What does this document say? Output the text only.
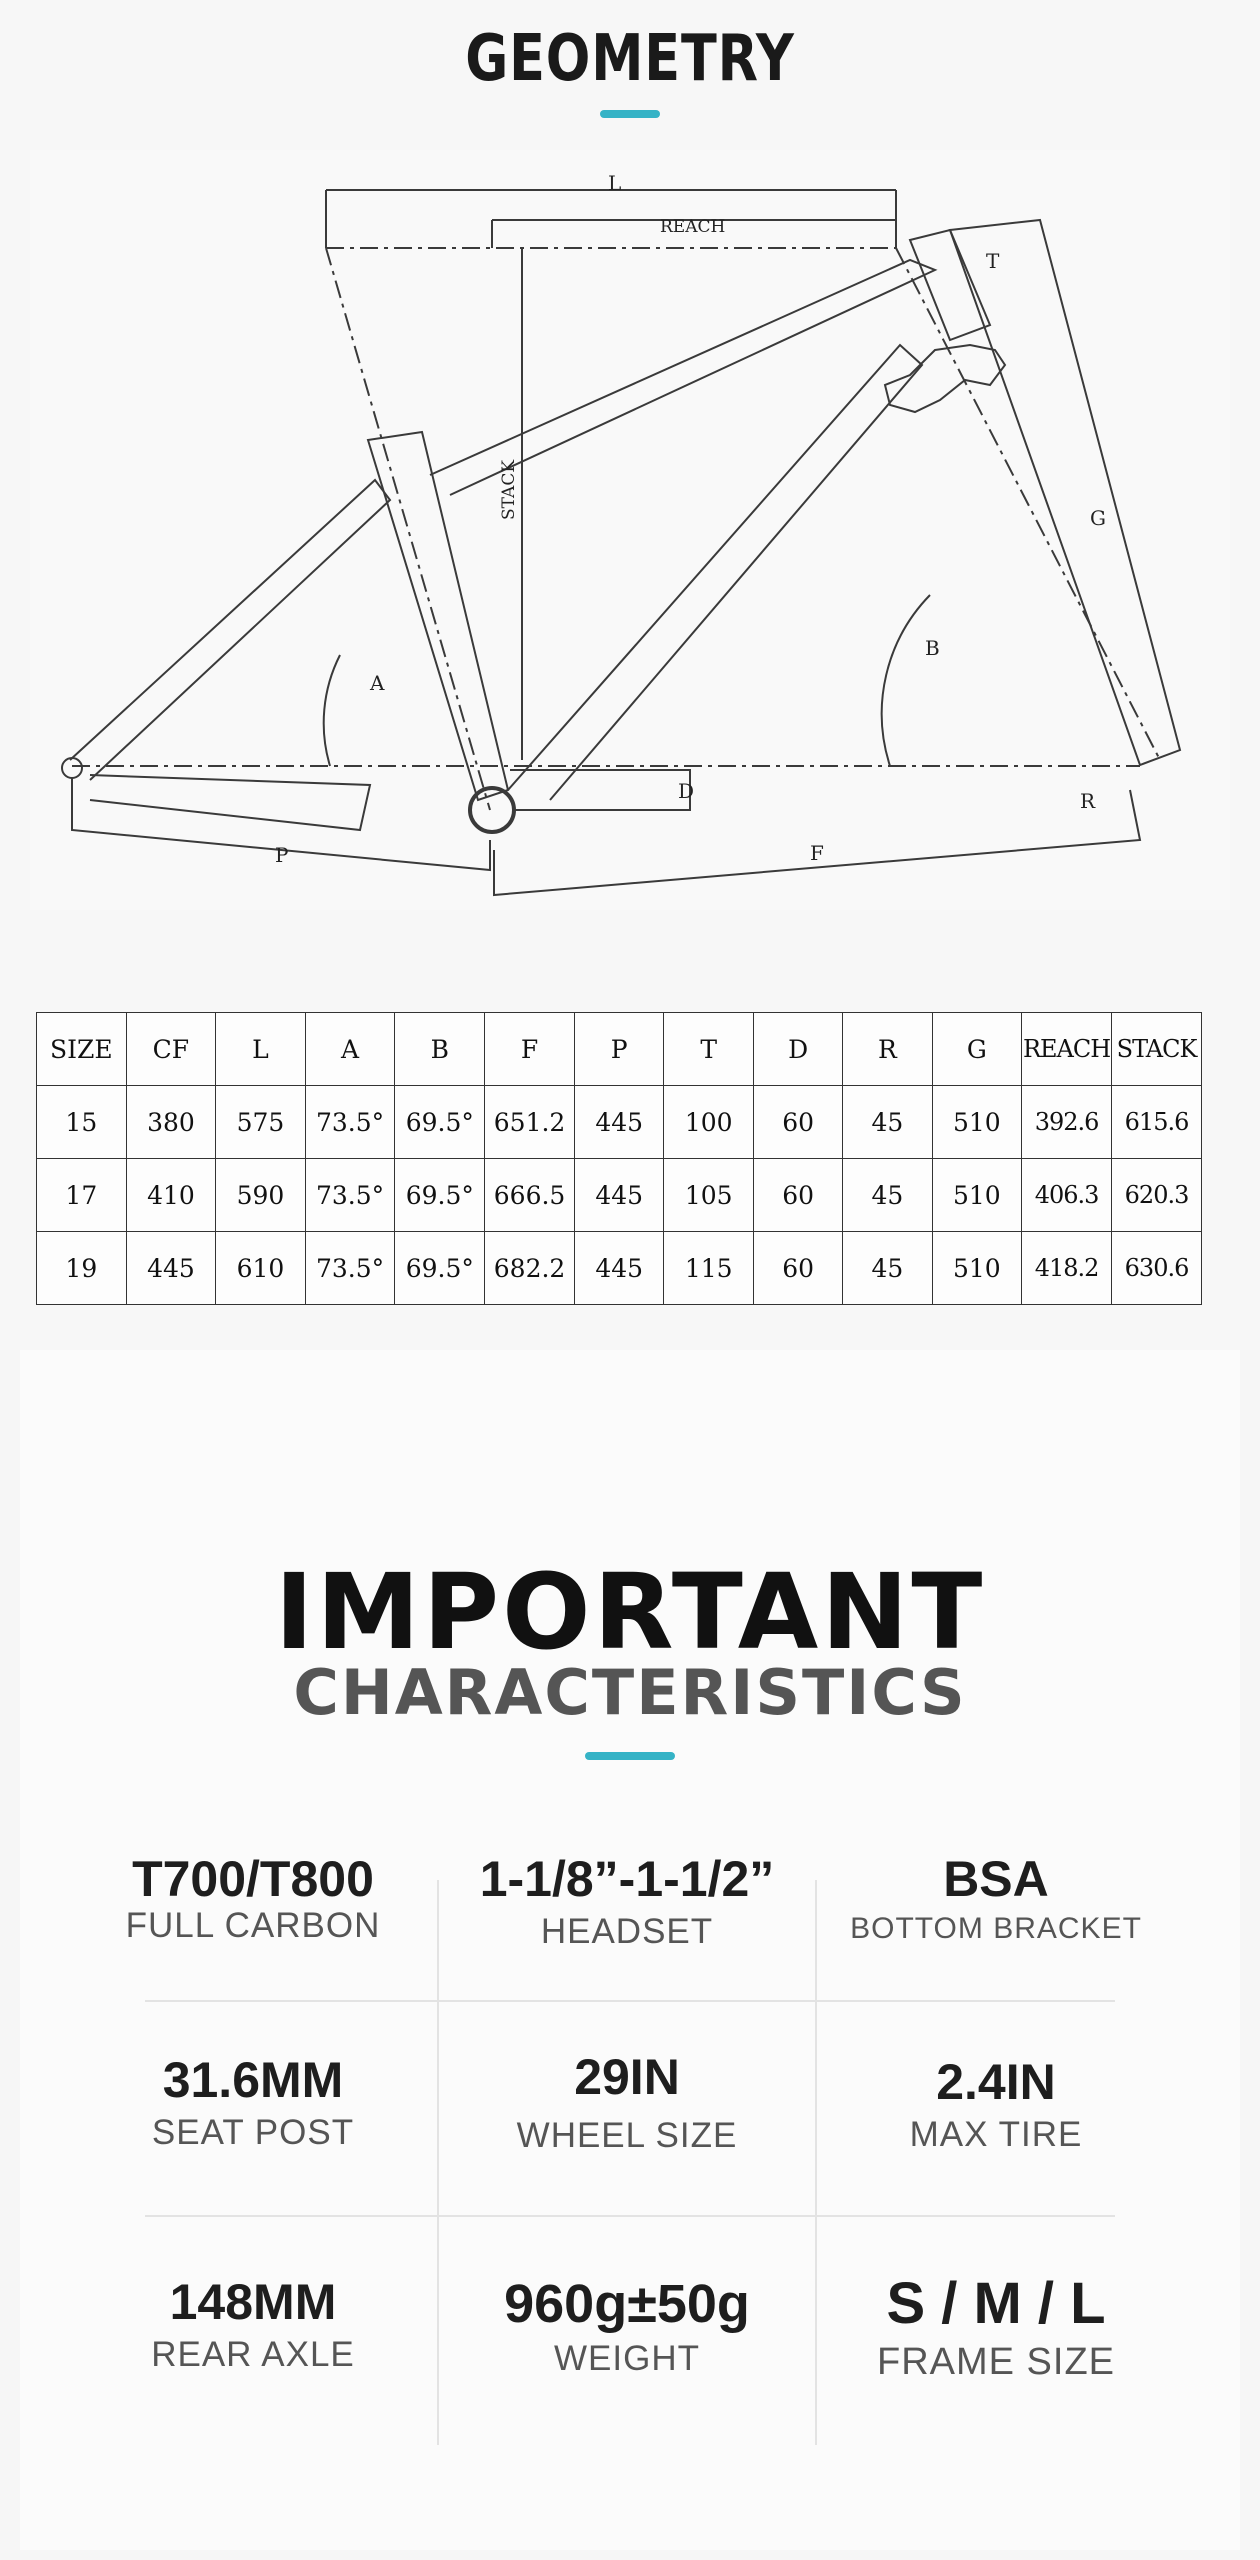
GEOMETRY
L
REACH
T
STACK
A
B
G
D	R
F
P
SIZE	CF	L	A	B	F	P	T	D	R	G	REACH	STACK
15	380	575	73.5°	69.5°	651.2	445	100	60	45	510	392.6	615.6
17	410	590	73.5°	69.5°	666.5	445	105	60	45	510	406.3	620.3
19	445	610	73.5°	69.5°	682.2	445	115	60	45	510	418.2	630.6
IMPORTANT
CHARACTERISTICS
T700/T800
FULL CARBON
1-1/8”-1-1/2”
HEADSET
BSA
BOTTOM BRACKET
31.6MM
SEAT POST
29IN
WHEEL SIZE
2.4IN
MAX TIRE
148MM
REAR AXLE
960g±50g
WEIGHT
S / M / L
FRAME SIZE
